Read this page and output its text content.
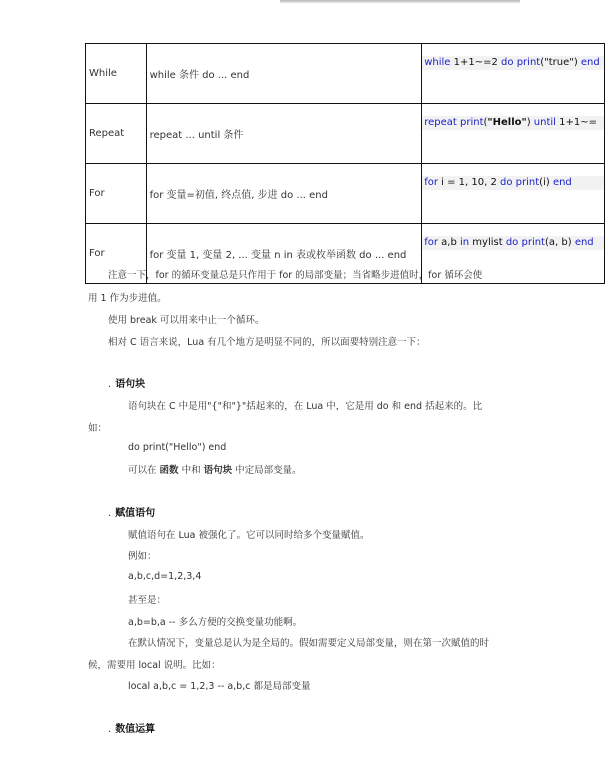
While	while 条件 do ... end	while 1+1~=2 do print("true") end

Repeat	repeat ... until 条件	repeat print("Hello") until 1+1~=

For	for 变量=初值, 终点值, 步进 do ... end	for i = 1, 10, 2 do print(i) end

For	for 变量 1, 变量 2, ... 变量 n in 表或枚举函数 do ... end	for a,b in mylist do print(a, b) end
注意一下，for 的循环变量总是只作用于 for 的局部变量；当省略步进值时，for 循环会使
用 1 作为步进值。
使用 break 可以用来中止一个循环。
相对 C 语言来说，Lua 有几个地方是明显不同的，所以面要特别注意一下：
. 语句块
语句块在 C 中是用"{"和"}"括起来的，在 Lua 中，它是用 do 和 end 括起来的。比
如：
do print("Hello") end
可以在 函数 中和 语句块 中定局部变量。
. 赋值语句
赋值语句在 Lua 被强化了。它可以同时给多个变量赋值。
例如：
a,b,c,d=1,2,3,4
甚至是：
a,b=b,a -- 多么方便的交换变量功能啊。
在默认情况下，变量总是认为是全局的。假如需要定义局部变量，则在第一次赋值的时
候，需要用 local 说明。比如：
local a,b,c = 1,2,3 -- a,b,c 都是局部变量
. 数值运算
